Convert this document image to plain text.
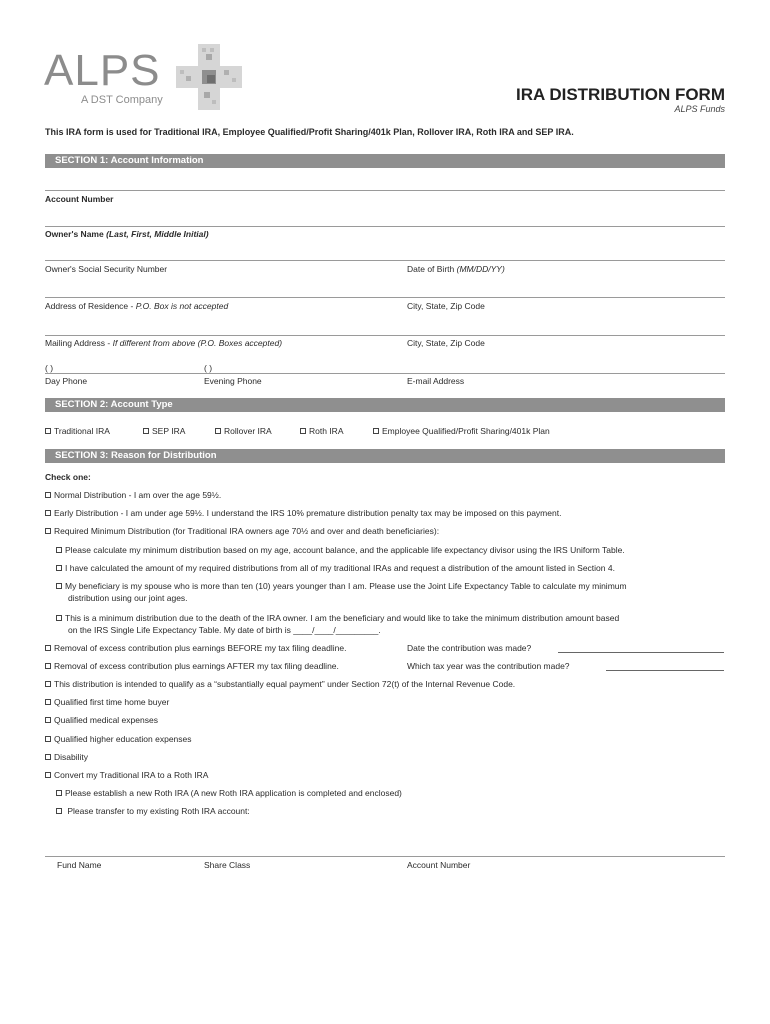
ALPS
A DST Company	IRA DISTRIBUTION FORM
ALPS Funds
This IRA form is used for Traditional IRA, Employee Qualified/Profit Sharing/401k Plan, Rollover IRA, Roth IRA and SEP IRA.
SECTION 1: Account Information
Account Number
Owner's Name (Last, First, Middle Initial)
Owner's Social Security Number	Date of Birth (MM/DD/YY)
Address of Residence - P.O. Box is not accepted	City, State, Zip Code
Mailing Address - If different from above (P.O. Boxes accepted)	City, State, Zip Code
( )	( )
Day Phone	Evening Phone	E-mail Address
SECTION 2: Account Type
Traditional IRA	SEP IRA	Rollover IRA	Roth IRA	Employee Qualified/Profit Sharing/401k Plan
SECTION 3: Reason for Distribution
Check one:
Normal Distribution - I am over the age 59½.
Early Distribution - I am under age 59½. I understand the IRS 10% premature distribution penalty tax may be imposed on this payment.
Required Minimum Distribution (for Traditional IRA owners age 70½ and over and death beneficiaries):
Please calculate my minimum distribution based on my age, account balance, and the applicable life expectancy divisor using the IRS Uniform Table.
I have calculated the amount of my required distributions from all of my traditional IRAs and request a distribution of the amount listed in Section 4.
My beneficiary is my spouse who is more than ten (10) years younger than I am. Please use the Joint Life Expectancy Table to calculate my minimum
distribution using our joint ages.
This is a minimum distribution due to the death of the IRA owner. I am the beneficiary and would like to take the minimum distribution amount based
on the IRS Single Life Expectancy Table. My date of birth is ____/____/_________.
Removal of excess contribution plus earnings BEFORE my tax filing deadline.	Date the contribution was made?
Removal of excess contribution plus earnings AFTER my tax filing deadline.	Which tax year was the contribution made?
This distribution is intended to qualify as a “substantially equal payment” under Section 72(t) of the Internal Revenue Code.
Qualified first time home buyer
Qualified medical expenses
Qualified higher education expenses
Disability
Convert my Traditional IRA to a Roth IRA
Please establish a new Roth IRA (A new Roth IRA application is completed and enclosed)
Please transfer to my existing Roth IRA account:
Fund Name	Share Class	Account Number
